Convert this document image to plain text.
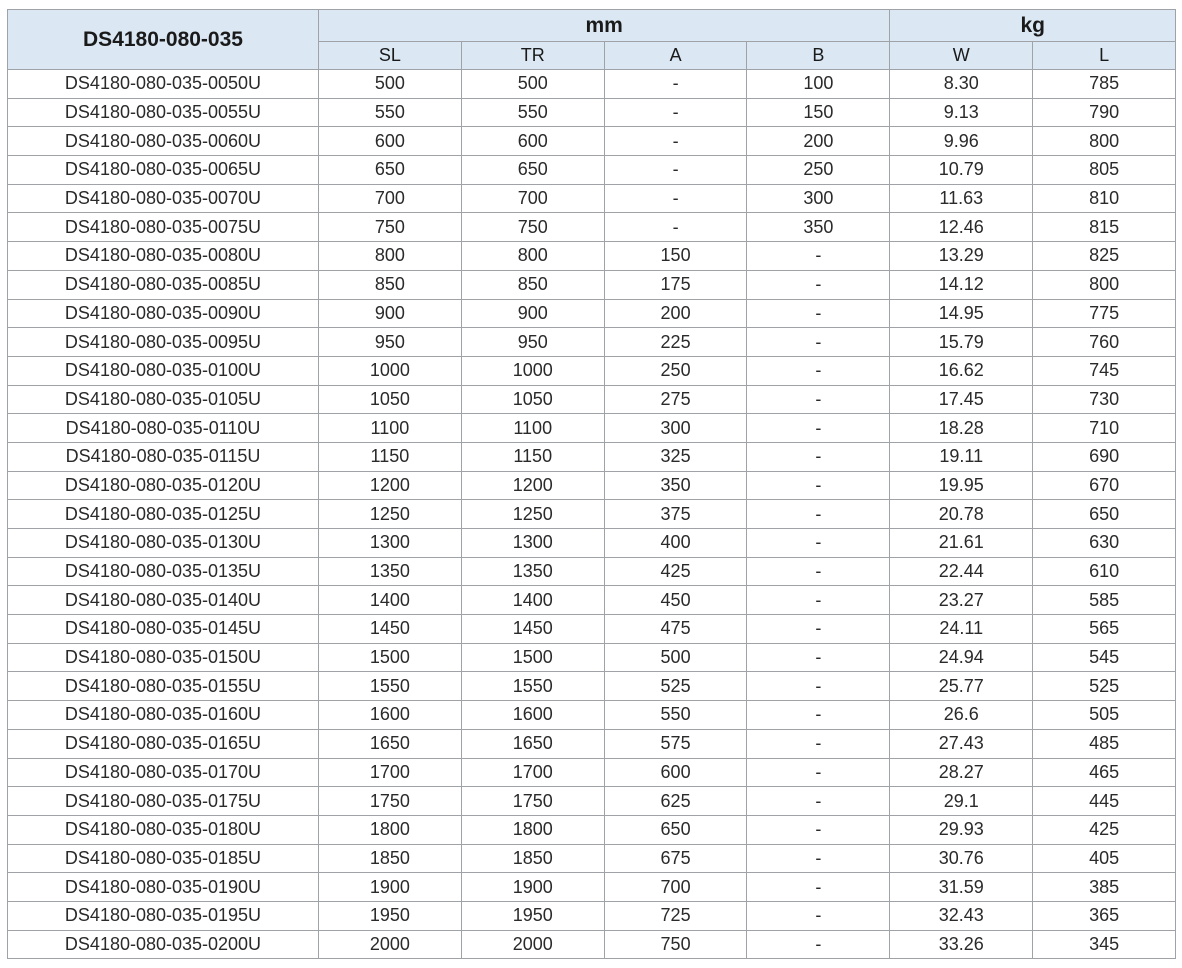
DS4180-080-035	mm				kg	
	SL	TR	A	B	W	L
DS4180-080-035-0050U	500	500	-	100	8.30	785
DS4180-080-035-0055U	550	550	-	150	9.13	790
DS4180-080-035-0060U	600	600	-	200	9.96	800
DS4180-080-035-0065U	650	650	-	250	10.79	805
DS4180-080-035-0070U	700	700	-	300	11.63	810
DS4180-080-035-0075U	750	750	-	350	12.46	815
DS4180-080-035-0080U	800	800	150	-	13.29	825
DS4180-080-035-0085U	850	850	175	-	14.12	800
DS4180-080-035-0090U	900	900	200	-	14.95	775
DS4180-080-035-0095U	950	950	225	-	15.79	760
DS4180-080-035-0100U	1000	1000	250	-	16.62	745
DS4180-080-035-0105U	1050	1050	275	-	17.45	730
DS4180-080-035-0110U	1100	1100	300	-	18.28	710
DS4180-080-035-0115U	1150	1150	325	-	19.11	690
DS4180-080-035-0120U	1200	1200	350	-	19.95	670
DS4180-080-035-0125U	1250	1250	375	-	20.78	650
DS4180-080-035-0130U	1300	1300	400	-	21.61	630
DS4180-080-035-0135U	1350	1350	425	-	22.44	610
DS4180-080-035-0140U	1400	1400	450	-	23.27	585
DS4180-080-035-0145U	1450	1450	475	-	24.11	565
DS4180-080-035-0150U	1500	1500	500	-	24.94	545
DS4180-080-035-0155U	1550	1550	525	-	25.77	525
DS4180-080-035-0160U	1600	1600	550	-	26.6	505
DS4180-080-035-0165U	1650	1650	575	-	27.43	485
DS4180-080-035-0170U	1700	1700	600	-	28.27	465
DS4180-080-035-0175U	1750	1750	625	-	29.1	445
DS4180-080-035-0180U	1800	1800	650	-	29.93	425
DS4180-080-035-0185U	1850	1850	675	-	30.76	405
DS4180-080-035-0190U	1900	1900	700	-	31.59	385
DS4180-080-035-0195U	1950	1950	725	-	32.43	365
DS4180-080-035-0200U	2000	2000	750	-	33.26	345
